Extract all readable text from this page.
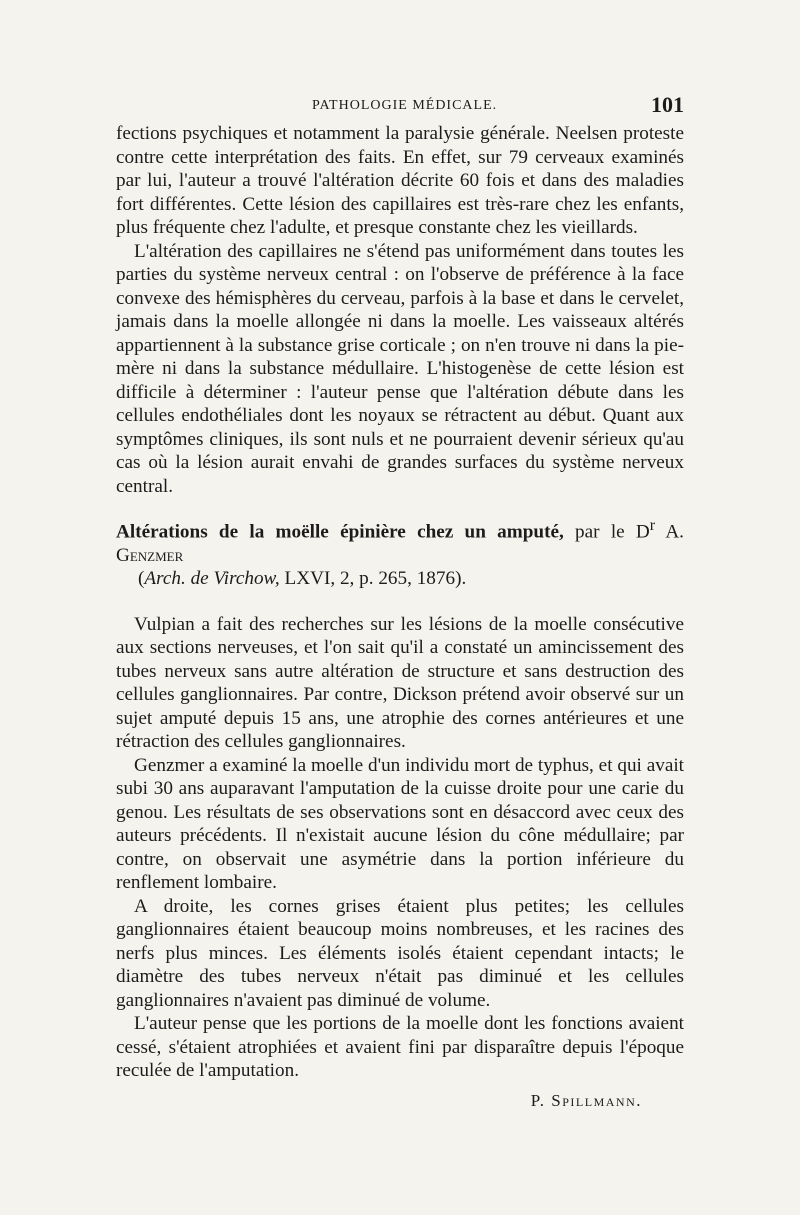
PATHOLOGIE MÉDICALE.	101

fections psychiques et notamment la paralysie générale. Neelsen proteste contre cette interprétation des faits. En effet, sur 79 cerveaux examinés par lui, l'auteur a trouvé l'altération décrite 60 fois et dans des maladies fort différentes. Cette lésion des capillaires est très-rare chez les enfants, plus fréquente chez l'adulte, et presque constante chez les vieillards.

L'altération des capillaires ne s'étend pas uniformément dans toutes les parties du système nerveux central : on l'observe de préférence à la face convexe des hémisphères du cerveau, parfois à la base et dans le cervelet, jamais dans la moelle allongée ni dans la moelle. Les vaisseaux altérés appartiennent à la substance grise corticale ; on n'en trouve ni dans la pie-mère ni dans la substance médullaire. L'histogenèse de cette lésion est difficile à déterminer : l'auteur pense que l'altération débute dans les cellules endothéliales dont les noyaux se rétractent au début. Quant aux symptômes cliniques, ils sont nuls et ne pourraient devenir sérieux qu'au cas où la lésion aurait envahi de grandes surfaces du système nerveux central.

Altérations de la moëlle épinière chez un amputé, par le $D^r$ A. Genzmer
(Arch. de Virchow, LXVI, 2, p. 265, 1876).

Vulpian a fait des recherches sur les lésions de la moelle consécutive aux sections nerveuses, et l'on sait qu'il a constaté un amincissement des tubes nerveux sans autre altération de structure et sans destruction des cellules ganglionnaires. Par contre, Dickson prétend avoir observé sur un sujet amputé depuis 15 ans, une atrophie des cornes antérieures et une rétraction des cellules ganglionnaires.

Genzmer a examiné la moelle d'un individu mort de typhus, et qui avait subi 30 ans auparavant l'amputation de la cuisse droite pour une carie du genou. Les résultats de ses observations sont en désaccord avec ceux des auteurs précédents. Il n'existait aucune lésion du cône médullaire; par contre, on observait une asymétrie dans la portion inférieure du renflement lombaire.

A droite, les cornes grises étaient plus petites; les cellules ganglionnaires étaient beaucoup moins nombreuses, et les racines des nerfs plus minces. Les éléments isolés étaient cependant intacts; le diamètre des tubes nerveux n'était pas diminué et les cellules ganglionnaires n'avaient pas diminué de volume.

L'auteur pense que les portions de la moelle dont les fonctions avaient cessé, s'étaient atrophiées et avaient fini par disparaître depuis l'époque reculée de l'amputation.

P. Spillmann.
